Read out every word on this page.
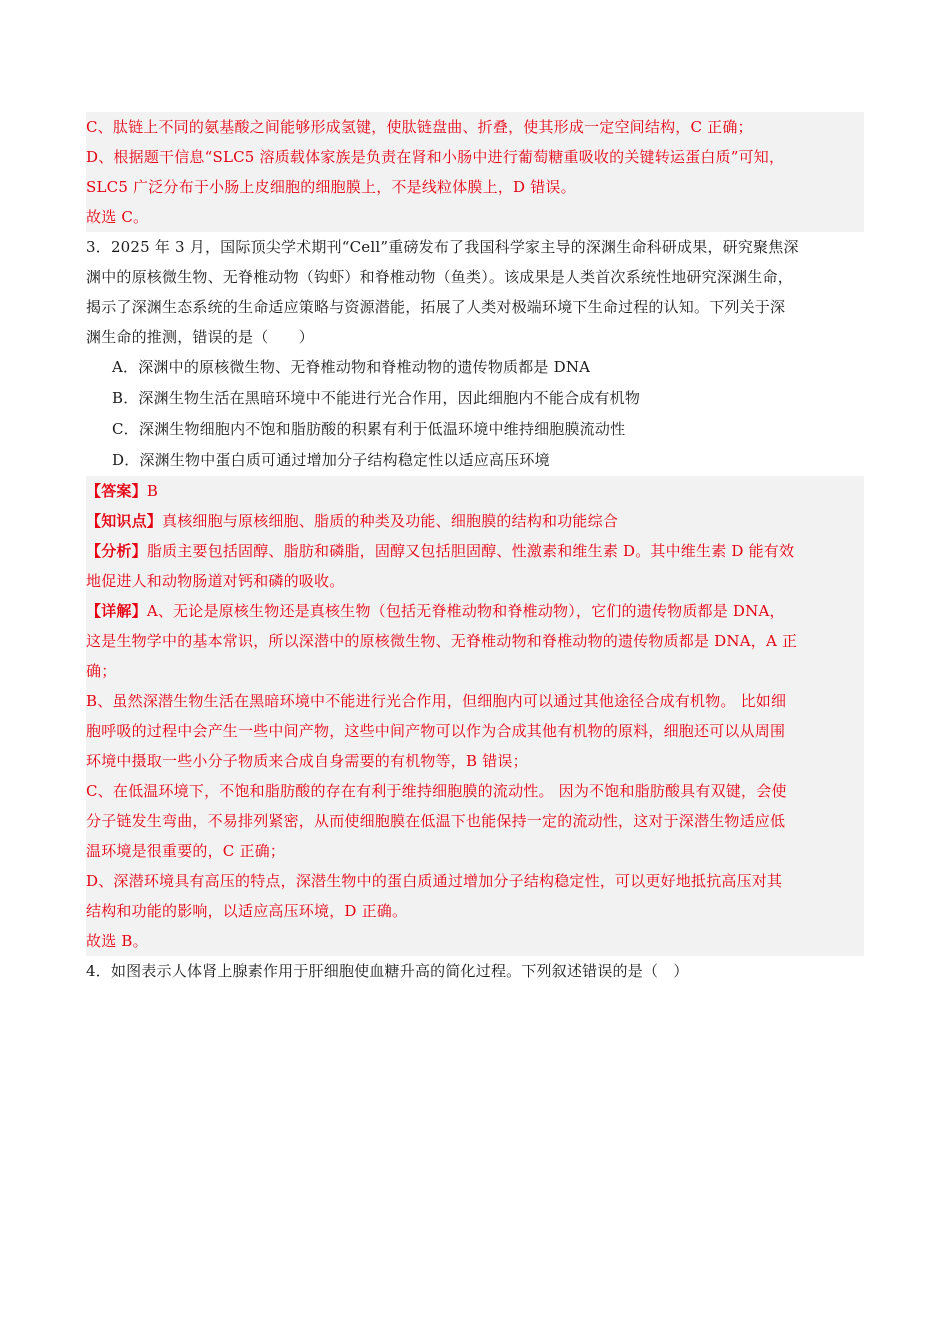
C、肽链上不同的氨基酸之间能够形成氢键，使肽链盘曲、折叠，使其形成一定空间结构，C 正确；
D、根据题干信息“SLC5 溶质载体家族是负责在肾和小肠中进行葡萄糖重吸收的关键转运蛋白质”可知，
SLC5 广泛分布于小肠上皮细胞的细胞膜上，不是线粒体膜上，D 错误。
故选 C。
3．2025 年 3 月，国际顶尖学术期刊“Cell”重磅发布了我国科学家主导的深渊生命科研成果，研究聚焦深
渊中的原核微生物、无脊椎动物（钩虾）和脊椎动物（鱼类）。该成果是人类首次系统性地研究深渊生命，
揭示了深渊生态系统的生命适应策略与资源潜能，拓展了人类对极端环境下生命过程的认知。下列关于深
渊生命的推测，错误的是（　　）
A．深渊中的原核微生物、无脊椎动物和脊椎动物的遗传物质都是 DNA
B．深渊生物生活在黑暗环境中不能进行光合作用，因此细胞内不能合成有机物
C．深渊生物细胞内不饱和脂肪酸的积累有利于低温环境中维持细胞膜流动性
D．深渊生物中蛋白质可通过增加分子结构稳定性以适应高压环境
【答案】B
【知识点】真核细胞与原核细胞、脂质的种类及功能、细胞膜的结构和功能综合
【分析】脂质主要包括固醇、脂肪和磷脂，固醇又包括胆固醇、性激素和维生素 D。其中维生素 D 能有效
地促进人和动物肠道对钙和磷的吸收。
【详解】A、无论是原核生物还是真核生物（包括无脊椎动物和脊椎动物），它们的遗传物质都是 DNA，
这是生物学中的基本常识，所以深潜中的原核微生物、无脊椎动物和脊椎动物的遗传物质都是 DNA，A 正
确；
B、虽然深潜生物生活在黑暗环境中不能进行光合作用，但细胞内可以通过其他途径合成有机物。 比如细
胞呼吸的过程中会产生一些中间产物，这些中间产物可以作为合成其他有机物的原料，细胞还可以从周围
环境中摄取一些小分子物质来合成自身需要的有机物等，B 错误；
C、在低温环境下，不饱和脂肪酸的存在有利于维持细胞膜的流动性。 因为不饱和脂肪酸具有双键，会使
分子链发生弯曲，不易排列紧密，从而使细胞膜在低温下也能保持一定的流动性，这对于深潜生物适应低
温环境是很重要的，C 正确；
D、深潜环境具有高压的特点，深潜生物中的蛋白质通过增加分子结构稳定性，可以更好地抵抗高压对其
结构和功能的影响，以适应高压环境，D 正确。
故选 B。
4．如图表示人体肾上腺素作用于肝细胞使血糖升高的简化过程。下列叙述错误的是（　）
